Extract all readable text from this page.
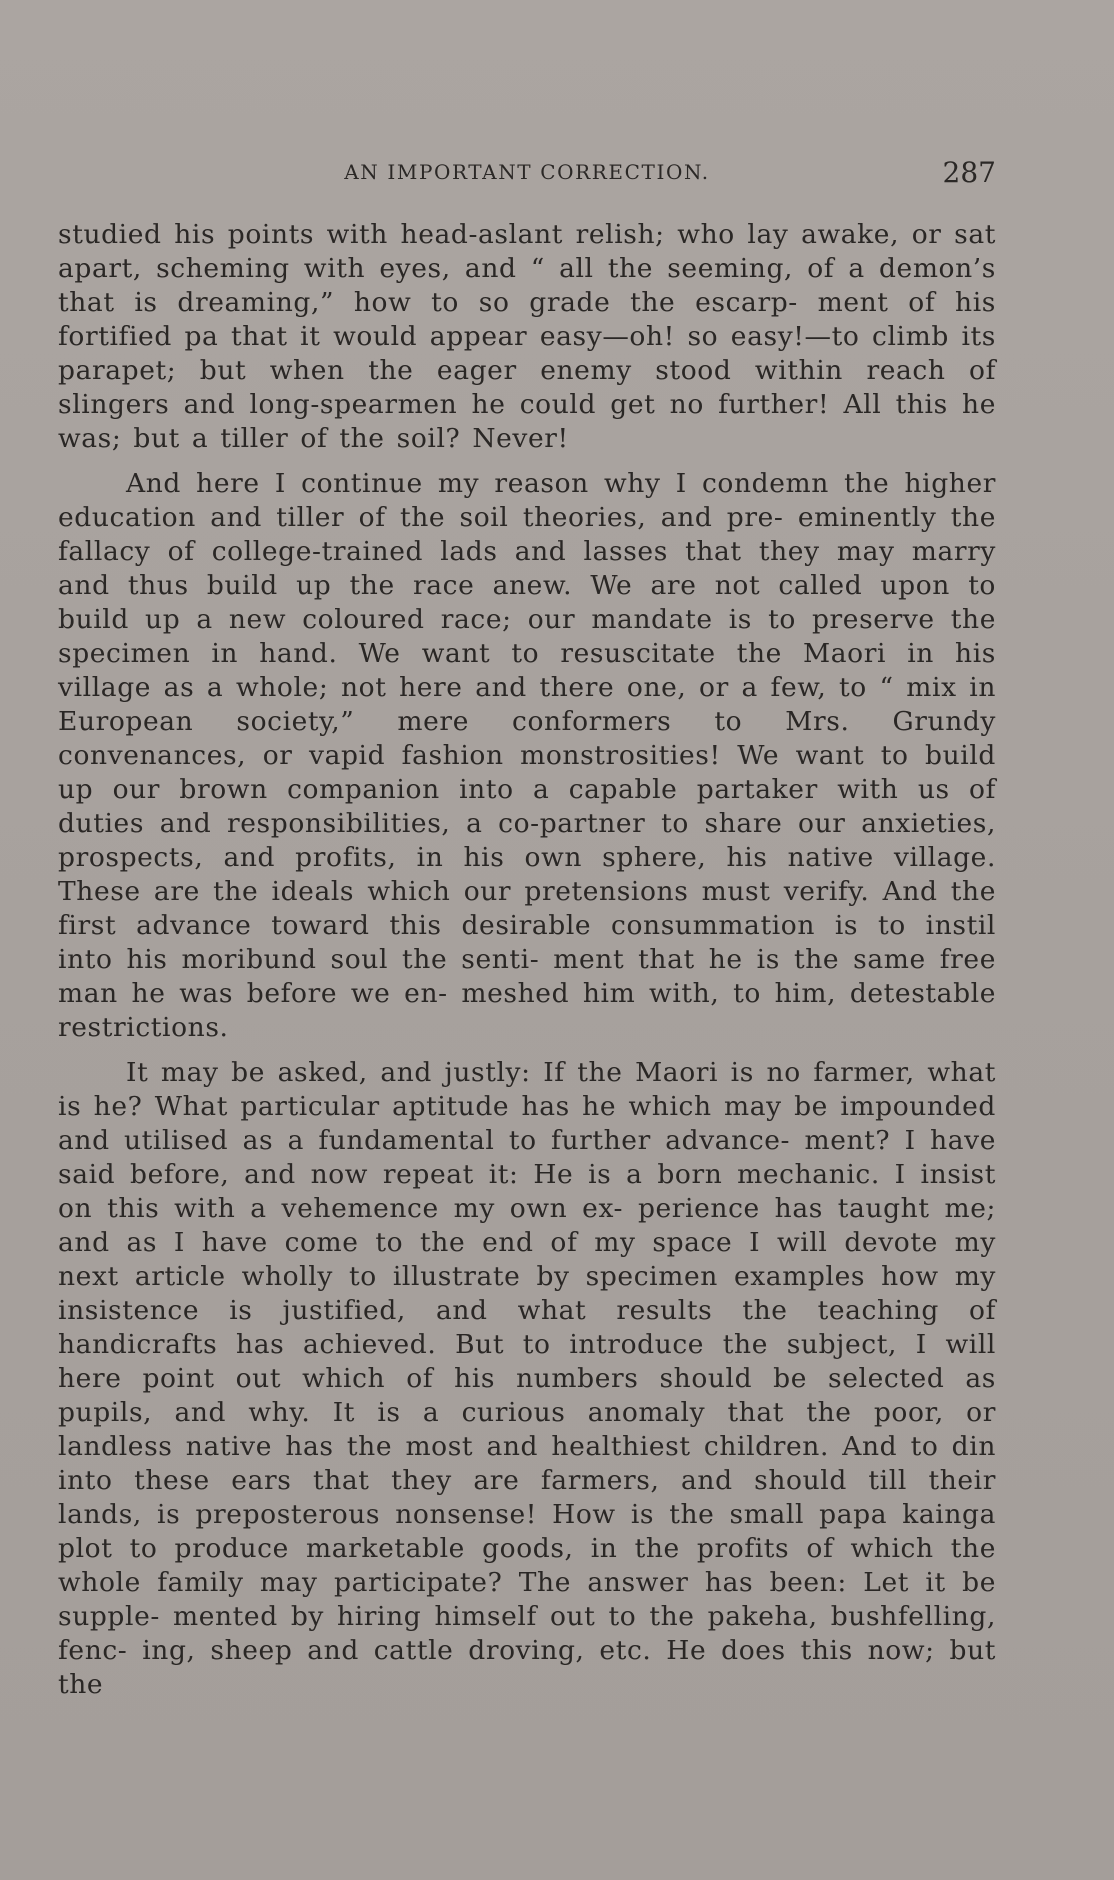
AN IMPORTANT CORRECTION.	287

studied his points with head-aslant relish; who lay awake, or sat apart, scheming with eyes, and “ all the seeming, of a demon’s that is dreaming,” how to so grade the escarp- ment of his fortified pa that it would appear easy—oh! so easy!—to climb its parapet; but when the eager enemy stood within reach of slingers and long-spearmen he could get no further! All this he was; but a tiller of the soil? Never!

And here I continue my reason why I condemn the higher education and tiller of the soil theories, and pre- eminently the fallacy of college-trained lads and lasses that they may marry and thus build up the race anew. We are not called upon to build up a new coloured race; our mandate is to preserve the specimen in hand. We want to resuscitate the Maori in his village as a whole; not here and there one, or a few, to “ mix in European society,” mere conformers to Mrs. Grundy convenances, or vapid fashion monstrosities! We want to build up our brown companion into a capable partaker with us of duties and responsibilities, a co-partner to share our anxieties, prospects, and profits, in his own sphere, his native village. These are the ideals which our pretensions must verify. And the first advance toward this desirable consummation is to instil into his moribund soul the senti- ment that he is the same free man he was before we en- meshed him with, to him, detestable restrictions.

It may be asked, and justly: If the Maori is no farmer, what is he? What particular aptitude has he which may be impounded and utilised as a fundamental to further advance- ment? I have said before, and now repeat it: He is a born mechanic. I insist on this with a vehemence my own ex- perience has taught me; and as I have come to the end of my space I will devote my next article wholly to illustrate by specimen examples how my insistence is justified, and what results the teaching of handicrafts has achieved. But to introduce the subject, I will here point out which of his numbers should be selected as pupils, and why. It is a curious anomaly that the poor, or landless native has the most and healthiest children. And to din into these ears that they are farmers, and should till their lands, is preposterous nonsense! How is the small papa kainga plot to produce marketable goods, in the profits of which the whole family may participate? The answer has been: Let it be supple- mented by hiring himself out to the pakeha, bushfelling, fenc- ing, sheep and cattle droving, etc. He does this now; but the
